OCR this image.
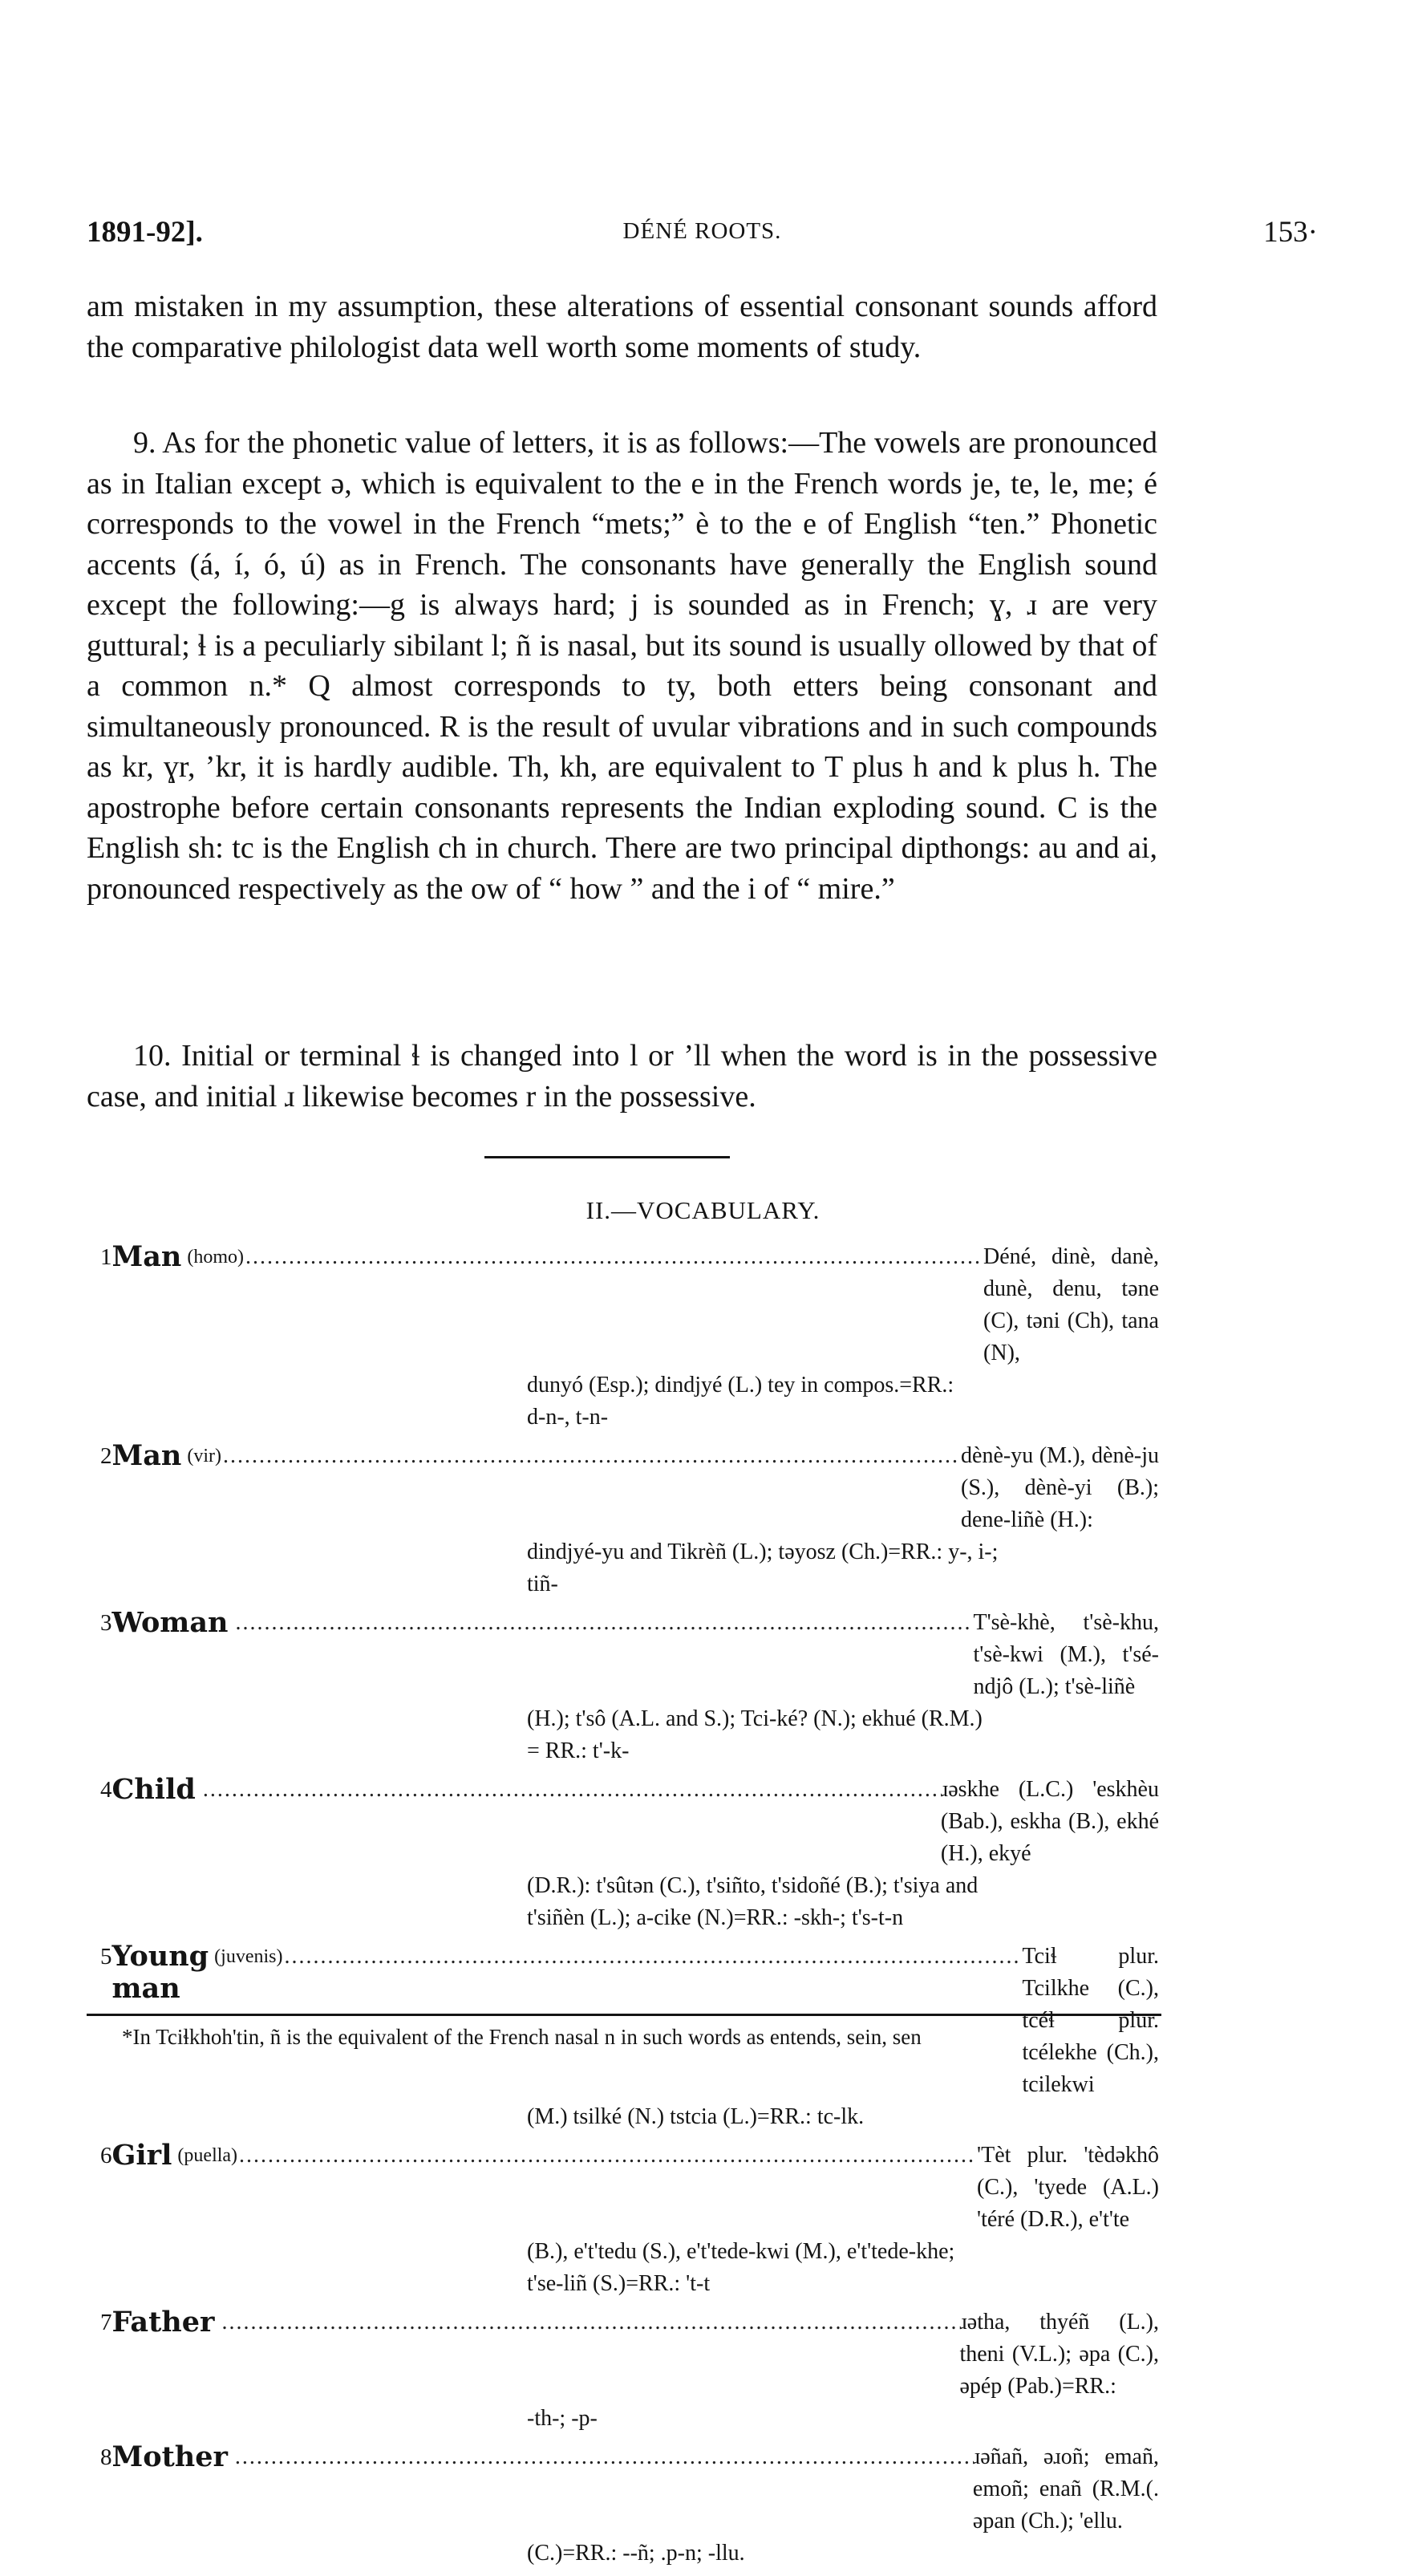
1891-92].	DÉNÉ ROOTS.	153·

am mistaken in my assumption, these alterations of essential consonant sounds afford the comparative philologist data well worth some moments of study.

9. As for the phonetic value of letters, it is as follows:—The vowels are pronounced as in Italian except ə, which is equivalent to the e in the French words je, te, le, me; é corresponds to the vowel in the French “mets;” è to the e of English “ten.” Phonetic accents (á, í, ó, ú) as in French. The consonants have generally the English sound except the following:—g is always hard; j is sounded as in French; ɣ, ɹ are very guttural; ɬ is a peculiarly sibilant l; ñ is nasal, but its sound is usually ollowed by that of a common n.* Q almost corresponds to ty, both etters being consonant and simultaneously pronounced. R is the result of uvular vibrations and in such compounds as kr, ɣr, ’kr, it is hardly audible. Th, kh, are equivalent to T plus h and k plus h. The apostrophe before certain consonants represents the Indian exploding sound. C is the English sh: tc is the English ch in church. There are two principal dipthongs: au and ai, pronounced respectively as the ow of “ how ” and the i of “ mire.”

10. Initial or terminal ɬ is changed into l or ’ll when the word is in the possessive case, and initial ɹ likewise becomes r in the possessive.

II.—VOCABULARY.
1 Man (homo) ...................................................................................................... Déné, dinè, danè, dunè, denu, təne (C), təni (Ch), tana (N),

dunyó (Esp.); dindjyé (L.) tey in compos.=RR.:

d-n-, t-n-

2 Man (vir) ...................................................................................................... dènè-yu (M.), dènè-ju (S.), dènè-yi (B.); dene-liñè (H.):

dindjyé-yu and Tikrèñ (L.); təyosz (Ch.)=RR.: y-, i-;

tiñ-

3 Woman ...................................................................................................... T'sè-khè, t'sè-khu, t'sè-kwi (M.), t'sé-ndjô (L.); t'sè-liñè

(H.); t'sô (A.L. and S.); Tci-ké? (N.); ekhué (R.M.)

= RR.: t'-k-

4 Child ...................................................................................................... ɹəskhe (L.C.) 'eskhèu (Bab.), eskha (B.), ekhé (H.), ekyé

(D.R.): t'sûtən (C.), t'siñto, t'sidoñé (B.); t'siya and

t'siñèn (L.); a-cike (N.)=RR.: -skh-; t's-t-n

5 Young man
(juvenis) ...................................................................................................... Tciɬ plur. Tcilkhe (C.), tcéɬ plur. tcélekhe (Ch.), tcilekwi

(M.) tsilké (N.) tstcia (L.)=RR.: tc-lk.

6 Girl (puella) ...................................................................................................... 'Tèt plur. 'tèdəkhô (C.), 'tyede (A.L.) 'téré (D.R.), e't'te

(B.), e't'tedu (S.), e't'tede-kwi (M.), e't'tede-khe;

t'se-liñ (S.)=RR.: 't-t

7 Father ...................................................................................................... ɹətha, thyéñ (L.), theni (V.L.); əpa (C.), əpép (Pab.)=RR.:

-th-; -p-

8 Mother ...................................................................................................... ɹəñañ, əɹoñ; emañ, emoñ; enañ (R.M.(. əpan (Ch.); 'ellu.

(C.)=RR.: --ñ; .p-n; -llu.

*In Tciɬkhoh'tin, ñ is the equivalent of the French nasal n in such words as entends, sein, sen
